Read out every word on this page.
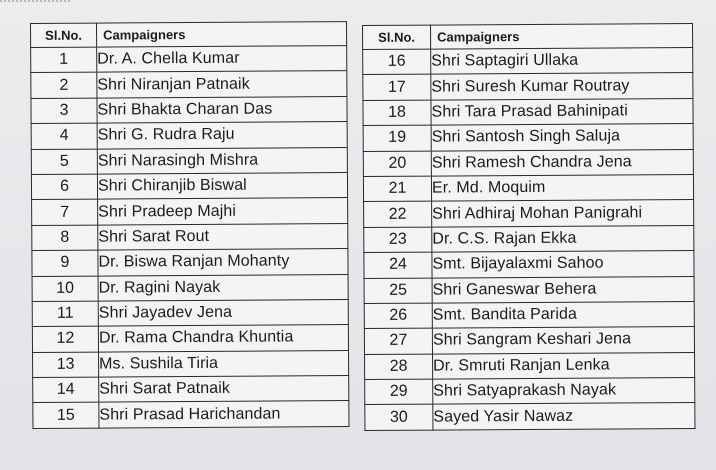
Sl.No.	Campaigners
1	Dr. A. Chella Kumar
2	Shri Niranjan Patnaik
3	Shri Bhakta Charan Das
4	Shri G. Rudra Raju
5	Shri Narasingh Mishra
6	Shri Chiranjib Biswal
7	Shri Pradeep Majhi
8	Shri Sarat Rout
9	Dr. Biswa Ranjan Mohanty
10	Dr. Ragini Nayak
11	Shri Jayadev Jena
12	Dr. Rama Chandra Khuntia
13	Ms. Sushila Tiria
14	Shri Sarat Patnaik
15	Shri Prasad Harichandan
Sl.No.	Campaigners
16	Shri Saptagiri Ullaka
17	Shri Suresh Kumar Routray
18	Shri Tara Prasad Bahinipati
19	Shri Santosh Singh Saluja
20	Shri Ramesh Chandra Jena
21	Er. Md. Moquim
22	Shri Adhiraj Mohan Panigrahi
23	Dr. C.S. Rajan Ekka
24	Smt. Bijayalaxmi Sahoo
25	Shri Ganeswar Behera
26	Smt. Bandita Parida
27	Shri Sangram Keshari Jena
28	Dr. Smruti Ranjan Lenka
29	Shri Satyaprakash Nayak
30	Sayed Yasir Nawaz
